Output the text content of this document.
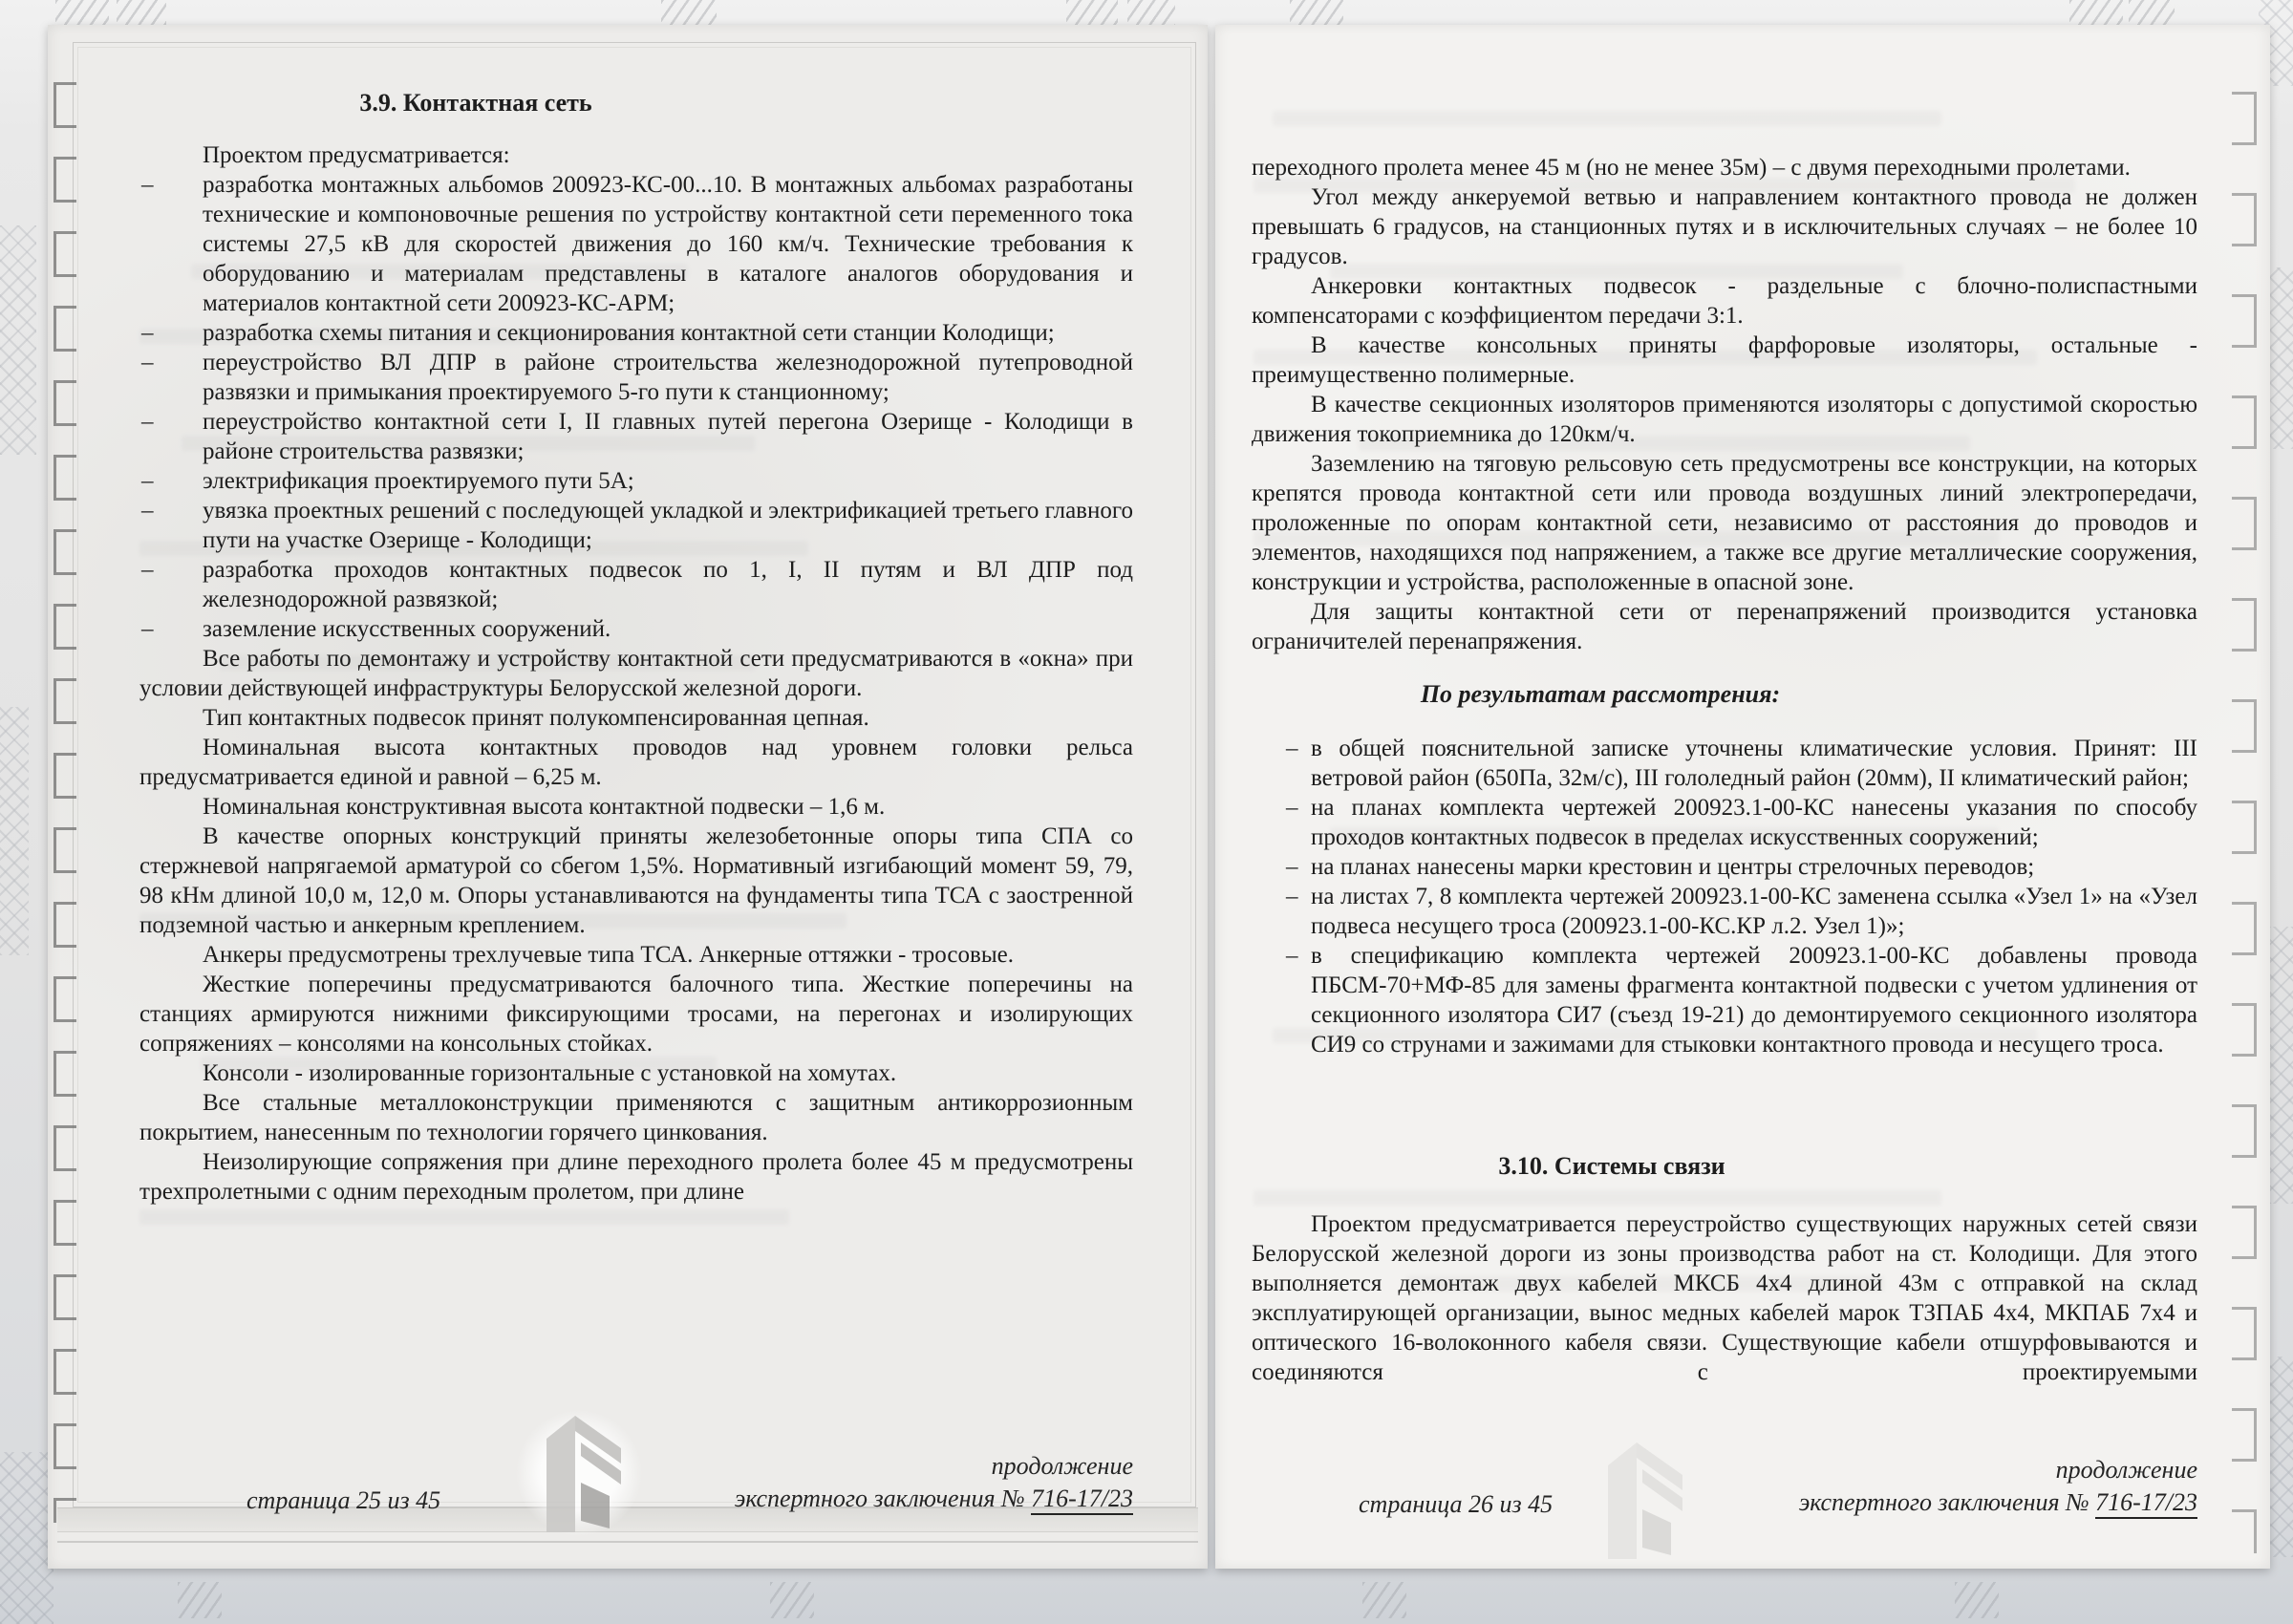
3.9. Контактная сеть

Проектом предусматривается:

– разработка монтажных альбомов 200923-КС-00...10. В монтажных альбомах разработаны технические и компоновочные решения по устройству контактной сети переменного тока системы 27,5 кВ для скоростей движения до 160 км/ч. Технические требования к оборудованию и материалам представлены в каталоге аналогов оборудования и материалов контактной сети 200923-КС-АРМ;
– разработка схемы питания и секционирования контактной сети станции Колодищи;
– переустройство ВЛ ДПР в районе строительства железнодорожной путепроводной развязки и примыкания проектируемого 5-го пути к станционному;
– переустройство контактной сети I, II главных путей перегона Озерище - Колодищи в районе строительства развязки;
– электрификация проектируемого пути 5А;
– увязка проектных решений с последующей укладкой и электрификацией третьего главного пути на участке Озерище - Колодищи;
– разработка проходов контактных подвесок по 1, I, II путям и ВЛ ДПР под железнодорожной развязкой;
– заземление искусственных сооружений.

Все работы по демонтажу и устройству контактной сети предусматриваются в «окна» при условии действующей инфраструктуры Белорусской железной дороги.

Тип контактных подвесок принят полукомпенсированная цепная.

Номинальная высота контактных проводов над уровнем головки рельса предусматривается единой и равной – 6,25 м.

Номинальная конструктивная высота контактной подвески – 1,6 м.

В качестве опорных конструкций приняты железобетонные опоры типа СПА со стержневой напрягаемой арматурой со сбегом 1,5%. Нормативный изгибающий момент 59, 79, 98 кНм длиной 10,0 м, 12,0 м. Опоры устанавливаются на фундаменты типа ТСА с заостренной подземной частью и анкерным креплением.

Анкеры предусмотрены трехлучевые типа ТСА. Анкерные оттяжки - тросовые.

Жесткие поперечины предусматриваются балочного типа. Жесткие поперечины на станциях армируются нижними фиксирующими тросами, на перегонах и изолирующих сопряжениях – консолями на консольных стойках.

Консоли - изолированные горизонтальные с установкой на хомутах.

Все стальные металлоконструкции применяются с защитным антикоррозионным покрытием, нанесенным по технологии горячего цинкования.

Неизолирующие сопряжения при длине переходного пролета более 45 м предусмотрены трехпролетными с одним переходным пролетом, при длине

страница 25 из 45
продолжение
экспертного заключения № 716-17/23

переходного пролета менее 45 м (но не менее 35м) – с двумя переходными пролетами.

Угол между анкеруемой ветвью и направлением контактного провода не должен превышать 6 градусов, на станционных путях и в исключительных случаях – не более 10 градусов.

Анкеровки контактных подвесок - раздельные с блочно-полиспастными компенсаторами с коэффициентом передачи 3:1.

В качестве консольных приняты фарфоровые изоляторы, остальные - преимущественно полимерные.

В качестве секционных изоляторов применяются изоляторы с допустимой скоростью движения токоприемника до 120км/ч.

Заземлению на тяговую рельсовую сеть предусмотрены все конструкции, на которых крепятся провода контактной сети или провода воздушных линий электропередачи, проложенные по опорам контактной сети, независимо от расстояния до проводов и элементов, находящихся под напряжением, а также все другие металлические сооружения, конструкции и устройства, расположенные в опасной зоне.

Для защиты контактной сети от перенапряжений производится установка ограничителей перенапряжения.

По результатам рассмотрения:
– в общей пояснительной записке уточнены климатические условия. Принят: III ветровой район (650Па, 32м/с), III гололедный район (20мм), II климатический район;
– на планах комплекта чертежей 200923.1-00-КС нанесены указания по способу проходов контактных подвесок в пределах искусственных сооружений;
– на планах нанесены марки крестовин и центры стрелочных переводов;
– на листах 7, 8 комплекта чертежей 200923.1-00-КС заменена ссылка «Узел 1» на «Узел подвеса несущего троса (200923.1-00-КС.КР л.2. Узел 1)»;
– в спецификацию комплекта чертежей 200923.1-00-КС добавлены провода ПБСМ-70+МФ-85 для замены фрагмента контактной подвески с учетом удлинения от секционного изолятора СИ7 (съезд 19-21) до демонтируемого секционного изолятора СИ9 со струнами и зажимами для стыковки контактного провода и несущего троса.
3.10. Системы связи

Проектом предусматривается переустройство существующих наружных сетей связи Белорусской железной дороги из зоны производства работ на ст. Колодищи. Для этого выполняется демонтаж двух кабелей МКСБ 4х4 длиной 43м с отправкой на склад эксплуатирующей организации, вынос медных кабелей марок ТЗПАБ 4х4, МКПАБ 7х4 и оптического 16-волоконного кабеля связи. Существующие кабели отшурфовываются и соединяются с проектируемыми

страница 26 из 45
продолжение
экспертного заключения № 716-17/23
